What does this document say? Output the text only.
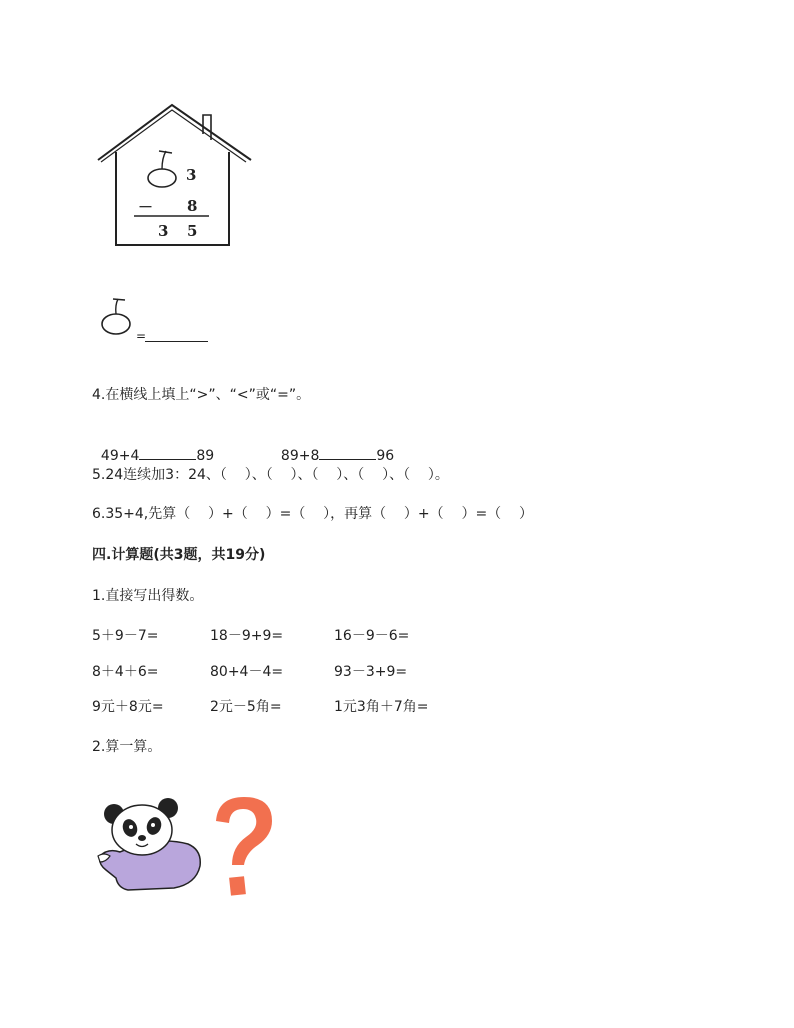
3
－ 8
3 5
=
4.在横线上填上“>”、“<”或“=”。

49+4	89	89+8	96

5.24连续加3：24、（    ）、（    ）、（    ）、（    ）、（    ）。
6.35+4,先算（    ）+（    ）=（    ），再算（    ）+（    ）=（    ）
四.计算题(共3题，共19分)
1.直接写出得数。
5＋9－7=	18－9+9=	16－9－6=
8＋4＋6=	80+4－4=	93－3+9=
9元＋8元=	2元－5角=	1元3角＋7角=
2.算一算。
